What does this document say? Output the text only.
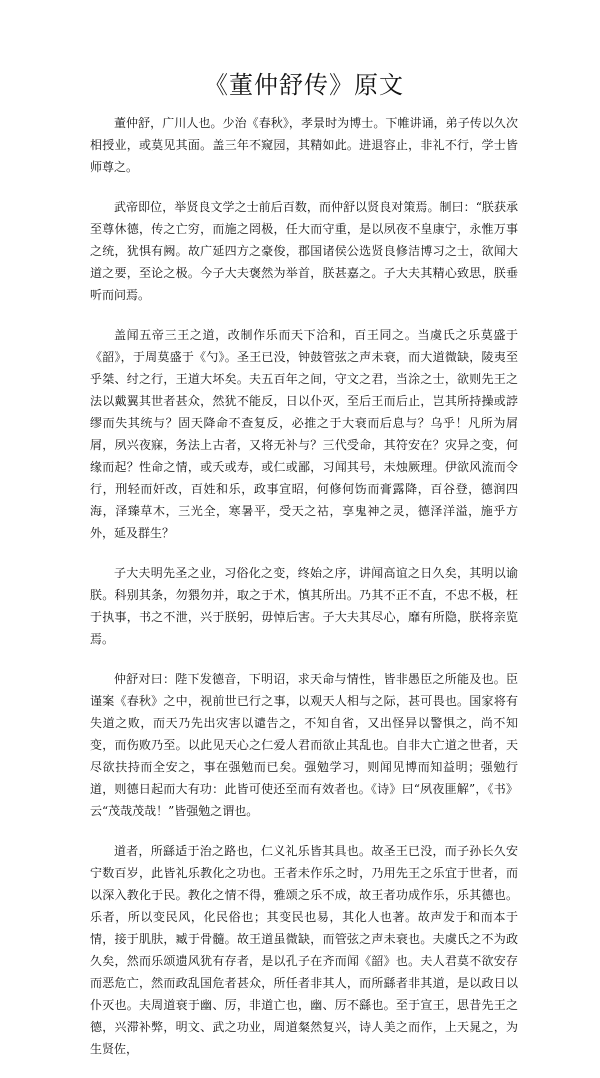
《董仲舒传》原文

董仲舒，广川人也。少治《春秋》，孝景时为博士。下帷讲诵，弟子传以久次相授业，或莫见其面。盖三年不窥园，其精如此。进退容止，非礼不行，学士皆师尊之。

武帝即位，举贤良文学之士前后百数，而仲舒以贤良对策焉。制曰：“朕获承至尊休德，传之亡穷，而施之罔极，任大而守重，是以夙夜不皇康宁，永惟万事之统，犹惧有阙。故广延四方之豪俊，郡国诸侯公选贤良修洁博习之士，欲闻大道之要，至论之极。今子大夫褒然为举首，朕甚嘉之。子大夫其精心致思，朕垂听而问焉。

盖闻五帝三王之道，改制作乐而天下洽和，百王同之。当虞氏之乐莫盛于《韶》，于周莫盛于《勺》。圣王已没，钟鼓管弦之声未衰，而大道微缺，陵夷至乎桀、纣之行，王道大坏矣。夫五百年之间，守文之君，当涂之士，欲则先王之法以戴翼其世者甚众，然犹不能反，日以仆灭，至后王而后止，岂其所持操或誖缪而失其统与？固天降命不查复反，必推之于大衰而后息与？乌乎！凡所为屑屑，夙兴夜寐，务法上古者，又将无补与？三代受命，其符安在？灾异之变，何缘而起？性命之情，或夭或寿，或仁或鄙，习闻其号，未烛厥理。伊欲风流而令行，刑轻而奸改，百姓和乐，政事宣昭，何修何饬而膏露降，百谷登，德润四海，泽臻草木，三光全，寒暑平，受天之祜，享鬼神之灵，德泽洋溢，施乎方外，延及群生？

子大夫明先圣之业，习俗化之变，终始之序，讲闻高谊之日久矣，其明以谕朕。科别其条，勿猥勿并，取之于术，慎其所出。乃其不正不直，不忠不极，枉于执事，书之不泄，兴于朕躬，毋悼后害。子大夫其尽心，靡有所隐，朕将亲览焉。

仲舒对曰：陛下发德音，下明诏，求天命与情性，皆非愚臣之所能及也。臣谨案《春秋》之中，视前世已行之事，以观天人相与之际，甚可畏也。国家将有失道之败，而天乃先出灾害以谴告之，不知自省，又出怪异以警惧之，尚不知变，而伤败乃至。以此见天心之仁爱人君而欲止其乱也。自非大亡道之世者，天尽欲扶持而全安之，事在强勉而已矣。强勉学习，则闻见博而知益明；强勉行道，则德日起而大有功：此皆可使还至而有效者也。《诗》曰“夙夜匪解”，《书》云“茂哉茂哉！”皆强勉之谓也。

道者，所繇适于治之路也，仁义礼乐皆其具也。故圣王已没，而子孙长久安宁数百岁，此皆礼乐教化之功也。王者未作乐之时，乃用先王之乐宜于世者，而以深入教化于民。教化之情不得，雅颂之乐不成，故王者功成作乐，乐其德也。乐者，所以变民风，化民俗也；其变民也易，其化人也著。故声发于和而本于情，接于肌肤，臧于骨髓。故王道虽微缺，而管弦之声未衰也。夫虞氏之不为政久矣，然而乐颂遗风犹有存者，是以孔子在齐而闻《韶》也。夫人君莫不欲安存而恶危亡，然而政乱国危者甚众，所任者非其人，而所繇者非其道，是以政日以仆灭也。夫周道衰于幽、厉，非道亡也，幽、厉不繇也。至于宣王，思昔先王之德，兴滞补弊，明文、武之功业，周道粲然复兴，诗人美之而作，上天晁之，为生贤佐，
